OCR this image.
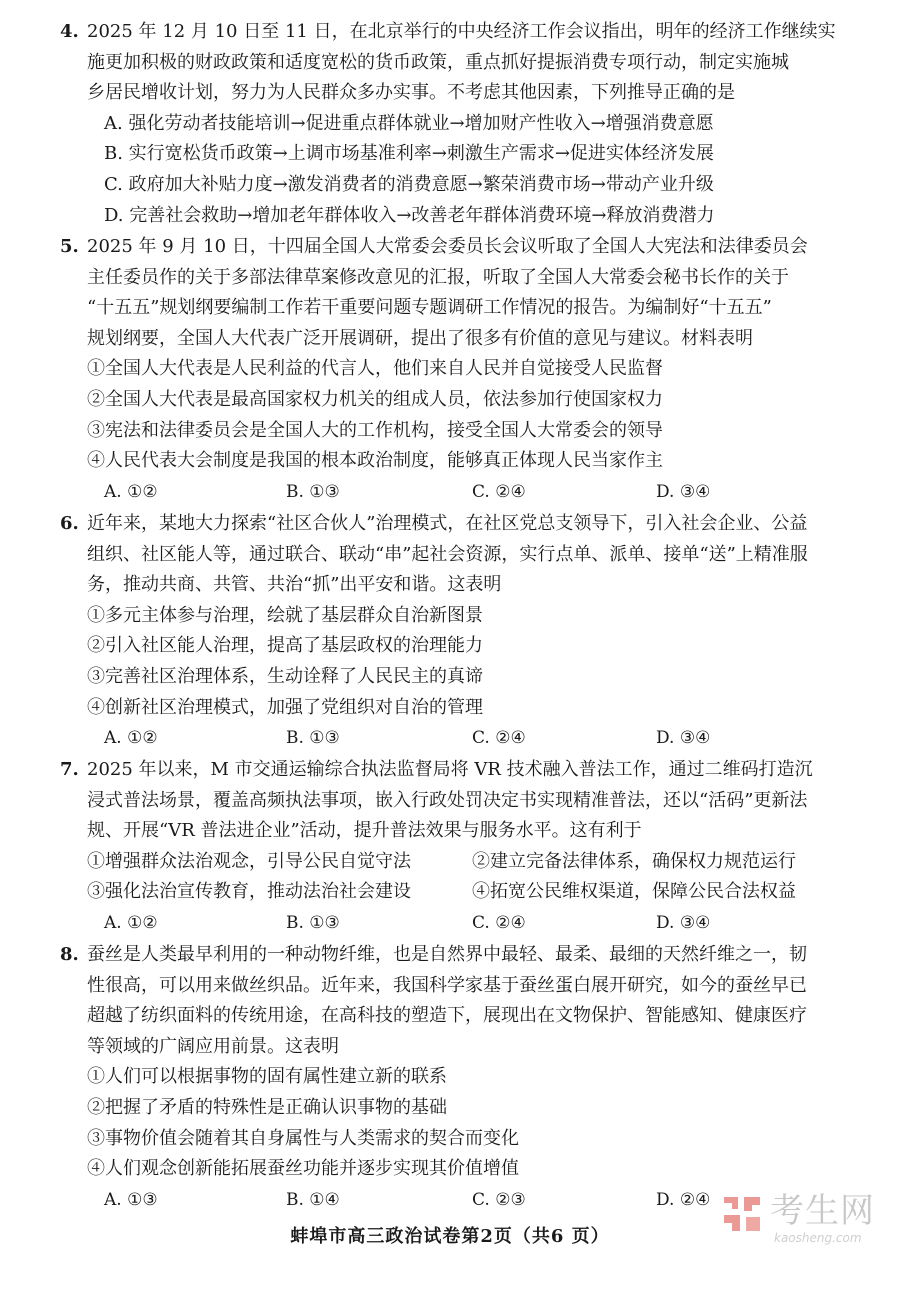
4. 2025 年 12 月 10 日至 11 日，在北京举行的中央经济工作会议指出，明年的经济工作继续实
施更加积极的财政政策和适度宽松的货币政策，重点抓好提振消费专项行动，制定实施城
乡居民增收计划，努力为人民群众多办实事。不考虑其他因素，下列推导正确的是
A. 强化劳动者技能培训→促进重点群体就业→增加财产性收入→增强消费意愿
B. 实行宽松货币政策→上调市场基准利率→刺激生产需求→促进实体经济发展
C. 政府加大补贴力度→激发消费者的消费意愿→繁荣消费市场→带动产业升级
D. 完善社会救助→增加老年群体收入→改善老年群体消费环境→释放消费潜力
5. 2025 年 9 月 10 日，十四届全国人大常委会委员长会议听取了全国人大宪法和法律委员会
主任委员作的关于多部法律草案修改意见的汇报，听取了全国人大常委会秘书长作的关于
“十五五”规划纲要编制工作若干重要问题专题调研工作情况的报告。为编制好“十五五”
规划纲要，全国人大代表广泛开展调研，提出了很多有价值的意见与建议。材料表明
①全国人大代表是人民利益的代言人，他们来自人民并自觉接受人民监督
②全国人大代表是最高国家权力机关的组成人员，依法参加行使国家权力
③宪法和法律委员会是全国人大的工作机构，接受全国人大常委会的领导
④人民代表大会制度是我国的根本政治制度，能够真正体现人民当家作主
A. ①②	B. ①③	C. ②④	D. ③④
6. 近年来，某地大力探索“社区合伙人”治理模式，在社区党总支领导下，引入社会企业、公益
组织、社区能人等，通过联合、联动“串”起社会资源，实行点单、派单、接单“送”上精准服
务，推动共商、共管、共治“抓”出平安和谐。这表明
①多元主体参与治理，绘就了基层群众自治新图景
②引入社区能人治理，提高了基层政权的治理能力
③完善社区治理体系，生动诠释了人民民主的真谛
④创新社区治理模式，加强了党组织对自治的管理
A. ①②	B. ①③	C. ②④	D. ③④
7. 2025 年以来，M 市交通运输综合执法监督局将 VR 技术融入普法工作，通过二维码打造沉
浸式普法场景，覆盖高频执法事项，嵌入行政处罚决定书实现精准普法，还以“活码”更新法
规、开展“VR 普法进企业”活动，提升普法效果与服务水平。这有利于
①增强群众法治观念，引导公民自觉守法	②建立完备法律体系，确保权力规范运行
③强化法治宣传教育，推动法治社会建设	④拓宽公民维权渠道，保障公民合法权益
A. ①②	B. ①③	C. ②④	D. ③④
8. 蚕丝是人类最早利用的一种动物纤维，也是自然界中最轻、最柔、最细的天然纤维之一，韧
性很高，可以用来做丝织品。近年来，我国科学家基于蚕丝蛋白展开研究，如今的蚕丝早已
超越了纺织面料的传统用途，在高科技的塑造下，展现出在文物保护、智能感知、健康医疗
等领域的广阔应用前景。这表明
①人们可以根据事物的固有属性建立新的联系
②把握了矛盾的特殊性是正确认识事物的基础
③事物价值会随着其自身属性与人类需求的契合而变化
④人们观念创新能拓展蚕丝功能并逐步实现其价值增值
A. ①③	B. ①④	C. ②③	D. ②④
蚌埠市高三政治试卷第2页（共6 页）
考生网
kaosheng.com
